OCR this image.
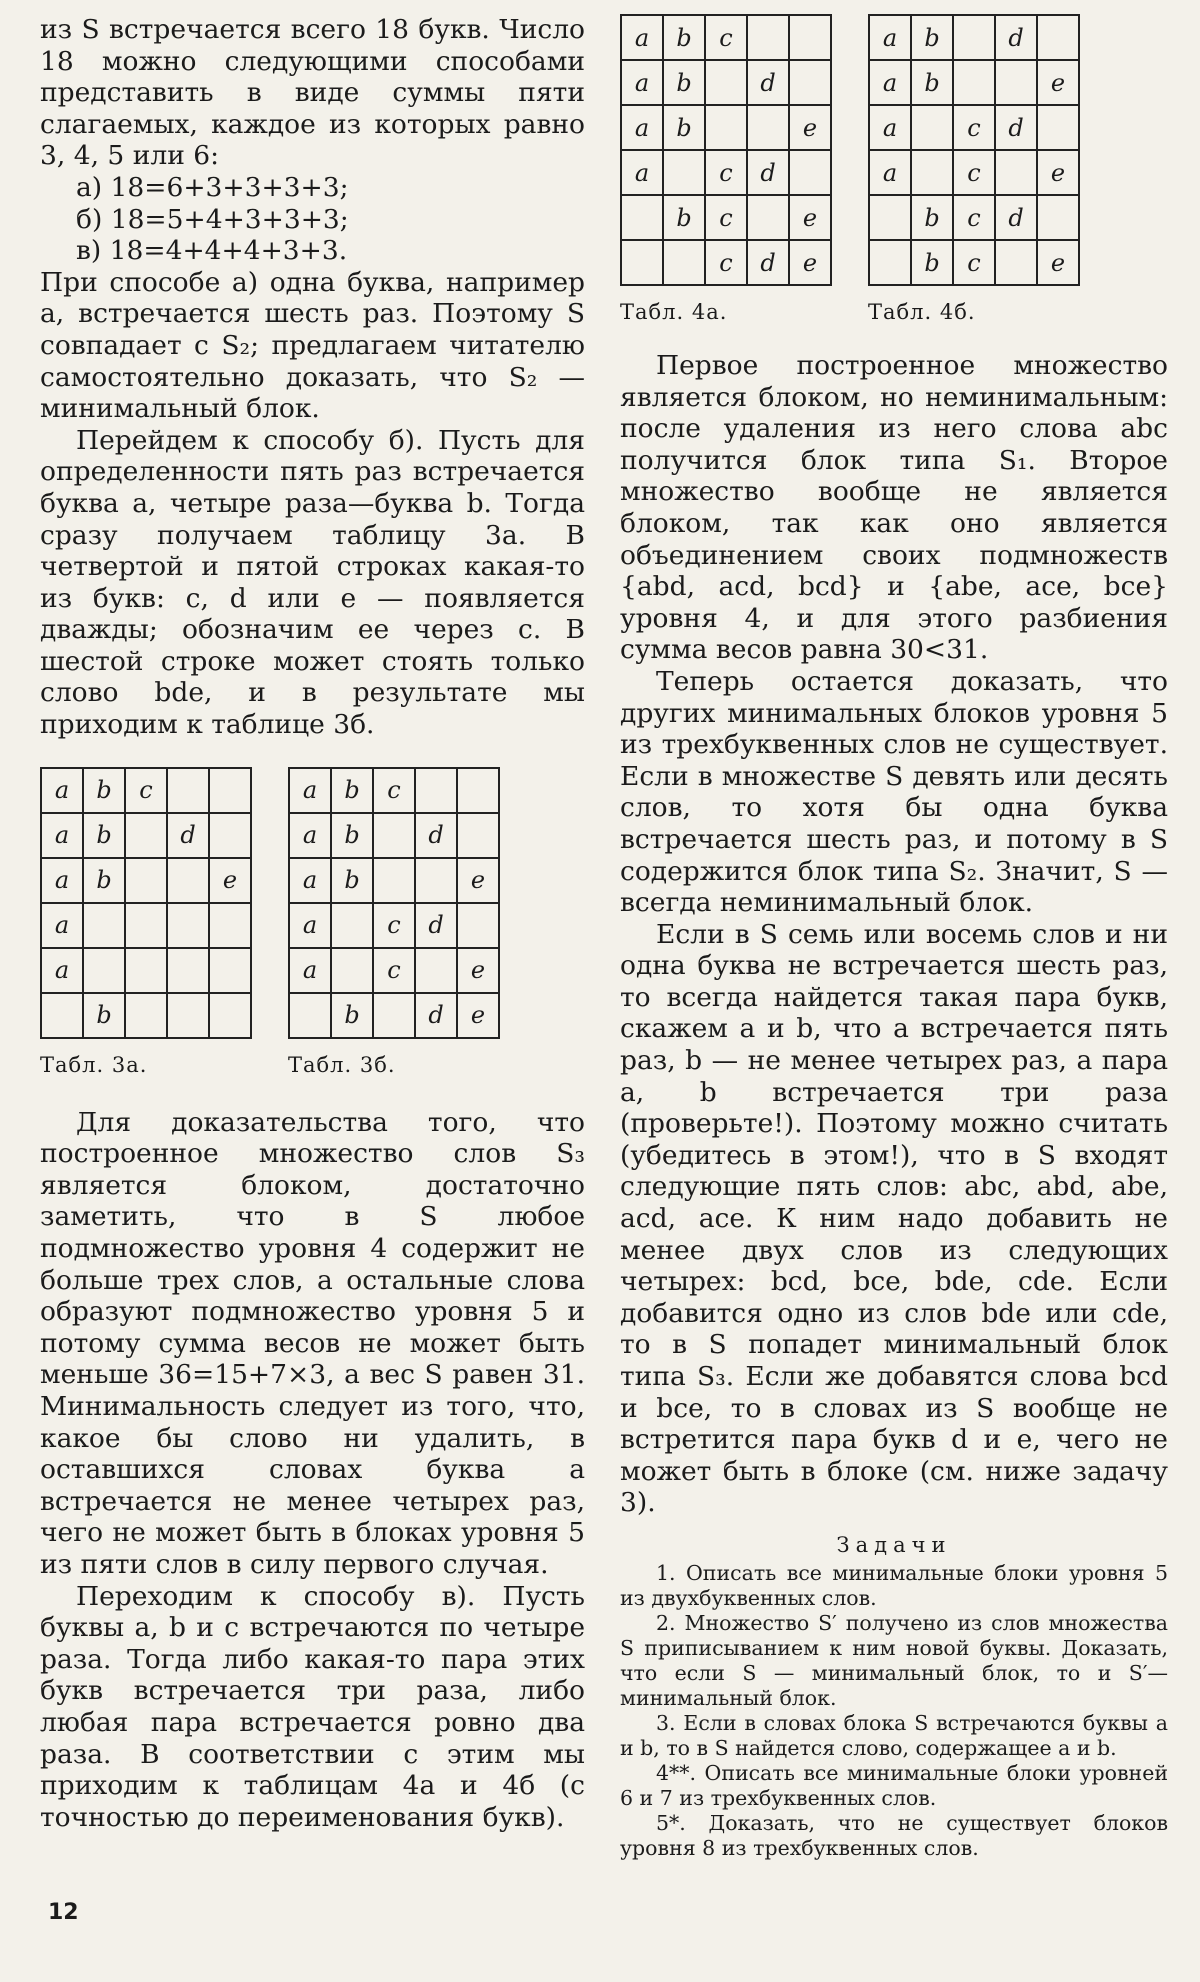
из S встречается всего 18 букв. Число 18 можно следующими способами представить в виде суммы пяти слагаемых, каждое из которых равно 3, 4, 5 или 6:

а) 18=6+3+3+3+3;

б) 18=5+4+3+3+3;

в) 18=4+4+4+3+3.

При способе а) одна буква, например a, встречается шесть раз. Поэтому S совпадает с S₂; предлагаем читателю самостоятельно доказать, что S₂ — минимальный блок.

Перейдем к способу б). Пусть для определенности пять раз встречается буква a, четыре раза—буква b. Тогда сразу получаем таблицу 3а. В четвертой и пятой строках какая-то из букв: c, d или e — появляется дважды; обозначим ее через c. В шестой строке может стоять только слово bde, и в результате мы приходим к таблице 3б.

a	b	c		
a	b		d	
a	b			e
a				
a				
	b			
Табл. 3а.
a	b	c		
a	b		d	
a	b			e
a		c	d	
a		c		e
	b		d	e
Табл. 3б.

Для доказательства того, что построенное множество слов S₃ является блоком, достаточно заметить, что в S любое подмножество уровня 4 содержит не больше трех слов, а остальные слова образуют подмножество уровня 5 и потому сумма весов не может быть меньше 36=15+7×3, а вес S равен 31. Минимальность следует из того, что, какое бы слово ни удалить, в оставшихся словах буква a встречается не менее четырех раз, чего не может быть в блоках уровня 5 из пяти слов в силу первого случая.

Переходим к способу в). Пусть буквы a, b и c встречаются по четыре раза. Тогда либо какая-то пара этих букв встречается три раза, либо любая пара встречается ровно два раза. В соответствии с этим мы приходим к таблицам 4а и 4б (с точностью до переименования букв).

a	b	c		
a	b		d	
a	b			e
a		c	d	
	b	c		e
		c	d	e
Табл. 4а.
a	b		d	
a	b			e
a		c	d	
a		c		e
	b	c	d	
	b	c		e
Табл. 4б.

Первое построенное множество является блоком, но неминимальным: после удаления из него слова abc получится блок типа S₁. Второе множество вообще не является блоком, так как оно является объединением своих подмножеств {abd, acd, bcd} и {abe, ace, bce} уровня 4, и для этого разбиения сумма весов равна 30<31.

Теперь остается доказать, что других минимальных блоков уровня 5 из трехбуквенных слов не существует. Если в множестве S девять или десять слов, то хотя бы одна буква встречается шесть раз, и потому в S содержится блок типа S₂. Значит, S — всегда неминимальный блок.

Если в S семь или восемь слов и ни одна буква не встречается шесть раз, то всегда найдется такая пара букв, скажем a и b, что a встречается пять раз, b — не менее четырех раз, а пара a, b встречается три раза (проверьте!). Поэтому можно считать (убедитесь в этом!), что в S входят следующие пять слов: abc, abd, abe, acd, ace. К ним надо добавить не менее двух слов из следующих четырех: bcd, bce, bde, cde. Если добавится одно из слов bde или cde, то в S попадет минимальный блок типа S₃. Если же добавятся слова bcd и bce, то в словах из S вообще не встретится пара букв d и e, чего не может быть в блоке (см. ниже задачу 3).

Задачи

1. Описать все минимальные блоки уровня 5 из двухбуквенных слов.

2. Множество S′ получено из слов множества S приписыванием к ним новой буквы. Доказать, что если S — минимальный блок, то и S′— минимальный блок.

3. Если в словах блока S встречаются буквы a и b, то в S найдется слово, содержащее a и b.

4**. Описать все минимальные блоки уровней 6 и 7 из трехбуквенных слов.

5*. Доказать, что не существует блоков уровня 8 из трехбуквенных слов.

12
